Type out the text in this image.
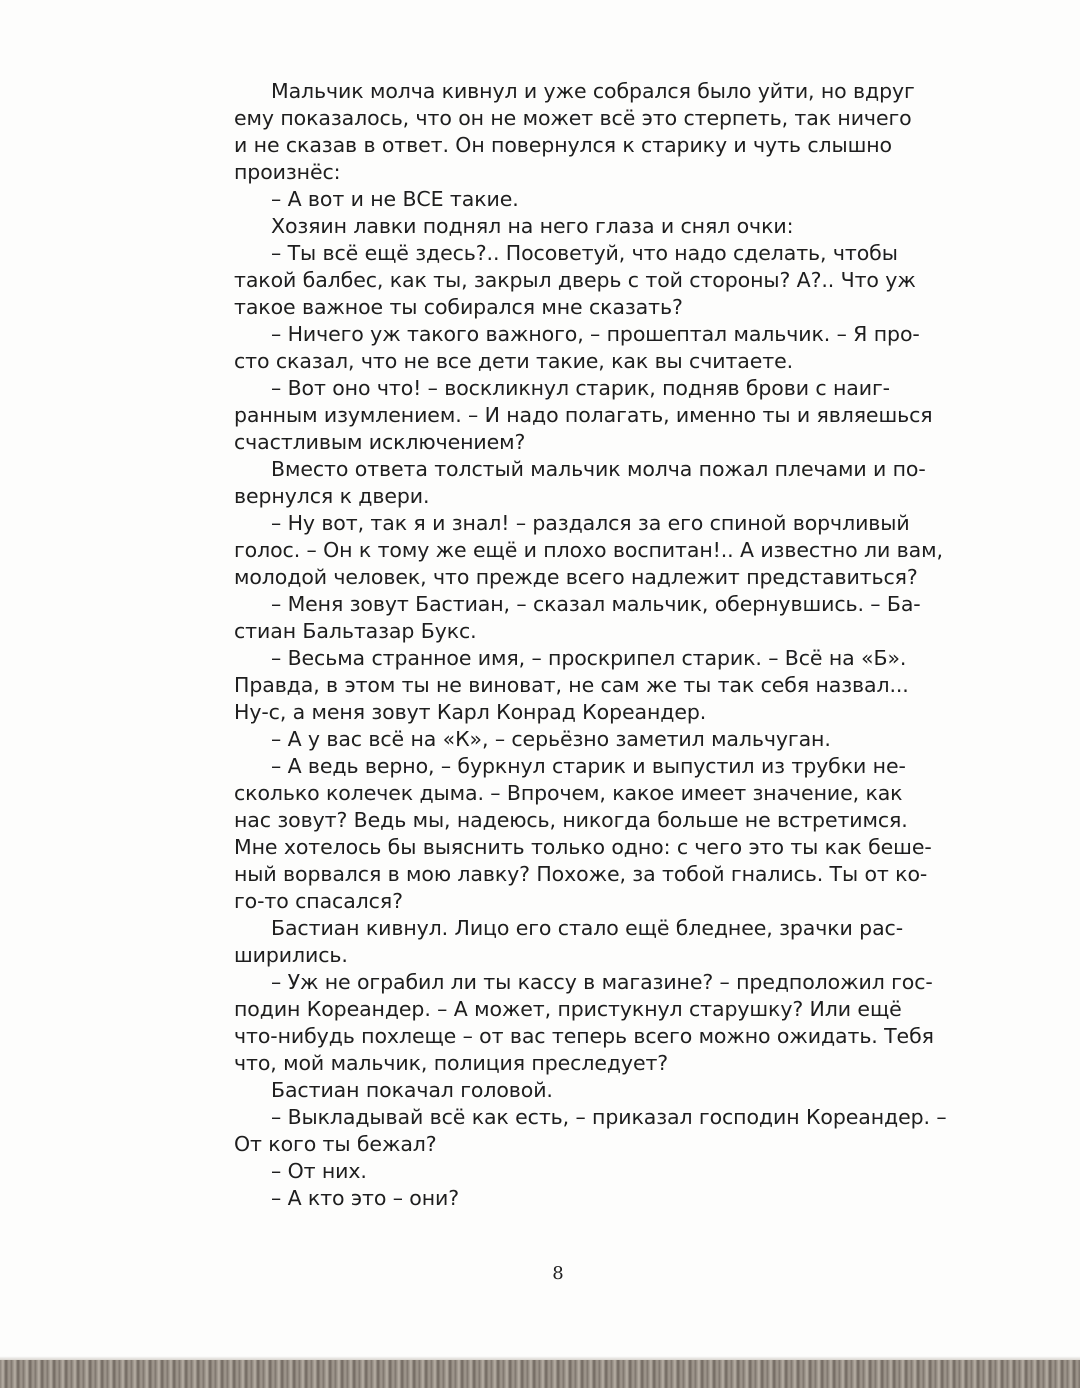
Мальчик молча кивнул и уже собрался было уйти, но вдруг
ему показалось, что он не может всё это стерпеть, так ничего
и не сказав в ответ. Он повернулся к старику и чуть слышно
произнёс:
– А вот и не ВСЕ такие.
Хозяин лавки поднял на него глаза и снял очки:
– Ты всё ещё здесь?.. Посоветуй, что надо сделать, чтобы
такой балбес, как ты, закрыл дверь с той стороны? А?.. Что уж
такое важное ты собирался мне сказать?
– Ничего уж такого важного, – прошептал мальчик. – Я про-
сто сказал, что не все дети такие, как вы считаете.
– Вот оно что! – воскликнул старик, подняв брови с наиг-
ранным изумлением. – И надо полагать, именно ты и являешься
счастливым исключением?
Вместо ответа толстый мальчик молча пожал плечами и по-
вернулся к двери.
– Ну вот, так я и знал! – раздался за его спиной ворчливый
голос. – Он к тому же ещё и плохо воспитан!.. А известно ли вам,
молодой человек, что прежде всего надлежит представиться?
– Меня зовут Бастиан, – сказал мальчик, обернувшись. – Ба-
стиан Бальтазар Букс.
– Весьма странное имя, – проскрипел старик. – Всё на «Б».
Правда, в этом ты не виноват, не сам же ты так себя назвал...
Ну-с, а меня зовут Карл Конрад Кореандер.
– А у вас всё на «К», – серьёзно заметил мальчуган.
– А ведь верно, – буркнул старик и выпустил из трубки не-
сколько колечек дыма. – Впрочем, какое имеет значение, как
нас зовут? Ведь мы, надеюсь, никогда больше не встретимся.
Мне хотелось бы выяснить только одно: с чего это ты как беше-
ный ворвался в мою лавку? Похоже, за тобой гнались. Ты от ко-
го-то спасался?
Бастиан кивнул. Лицо его стало ещё бледнее, зрачки рас-
ширились.
– Уж не ограбил ли ты кассу в магазине? – предположил гос-
подин Кореандер. – А может, пристукнул старушку? Или ещё
что-нибудь похлеще – от вас теперь всего можно ожидать. Тебя
что, мой мальчик, полиция преследует?
Бастиан покачал головой.
– Выкладывай всё как есть, – приказал господин Кореандер. –
От кого ты бежал?
– От них.
– А кто это – они?
8
